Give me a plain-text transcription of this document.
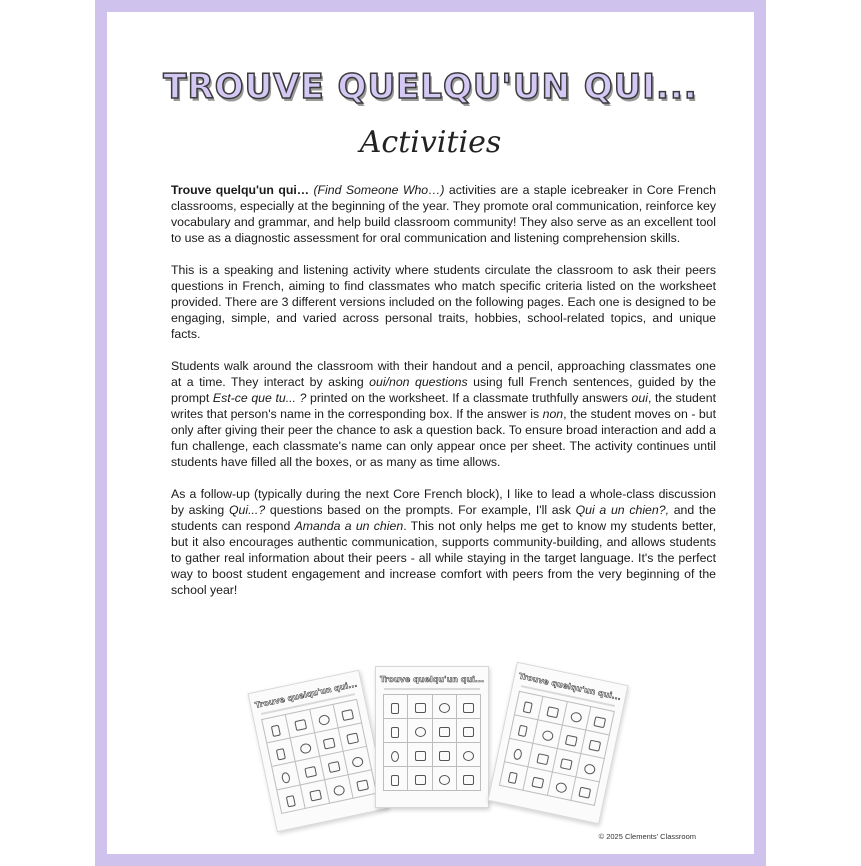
TROUVE QUELQU'UN QUI...
Activities

Trouve quelqu'un qui… (Find Someone Who…) activities are a staple icebreaker in Core French classrooms, especially at the beginning of the year. They promote oral communication, reinforce key vocabulary and grammar, and help build classroom community! They also serve as an excellent tool to use as a diagnostic assessment for oral communication and listening comprehension skills.

This is a speaking and listening activity where students circulate the classroom to ask their peers questions in French, aiming to find classmates who match specific criteria listed on the worksheet provided. There are 3 different versions included on the following pages. Each one is designed to be engaging, simple, and varied across personal traits, hobbies, school-related topics, and unique facts.

Students walk around the classroom with their handout and a pencil, approaching classmates one at a time. They interact by asking oui/non questions using full French sentences, guided by the prompt Est-ce que tu... ? printed on the worksheet. If a classmate truthfully answers oui, the student writes that person's name in the corresponding box. If the answer is non, the student moves on - but only after giving their peer the chance to ask a question back. To ensure broad interaction and add a fun challenge, each classmate's name can only appear once per sheet. The activity continues until students have filled all the boxes, or as many as time allows.

As a follow-up (typically during the next Core French block), I like to lead a whole-class discussion by asking Qui...? questions based on the prompts. For example, I'll ask Qui a un chien?, and the students can respond Amanda a un chien. This not only helps me get to know my students better, but it also encourages authentic communication, supports community-building, and allows students to gather real information about their peers - all while staying in the target language. It's the perfect way to boost student engagement and increase comfort with peers from the very beginning of the school year!

Trouve quelqu'un qui...
Trouve quelqu'un qui...	Trouve quelqu'un qui...
© 2025 Clements' Classroom
